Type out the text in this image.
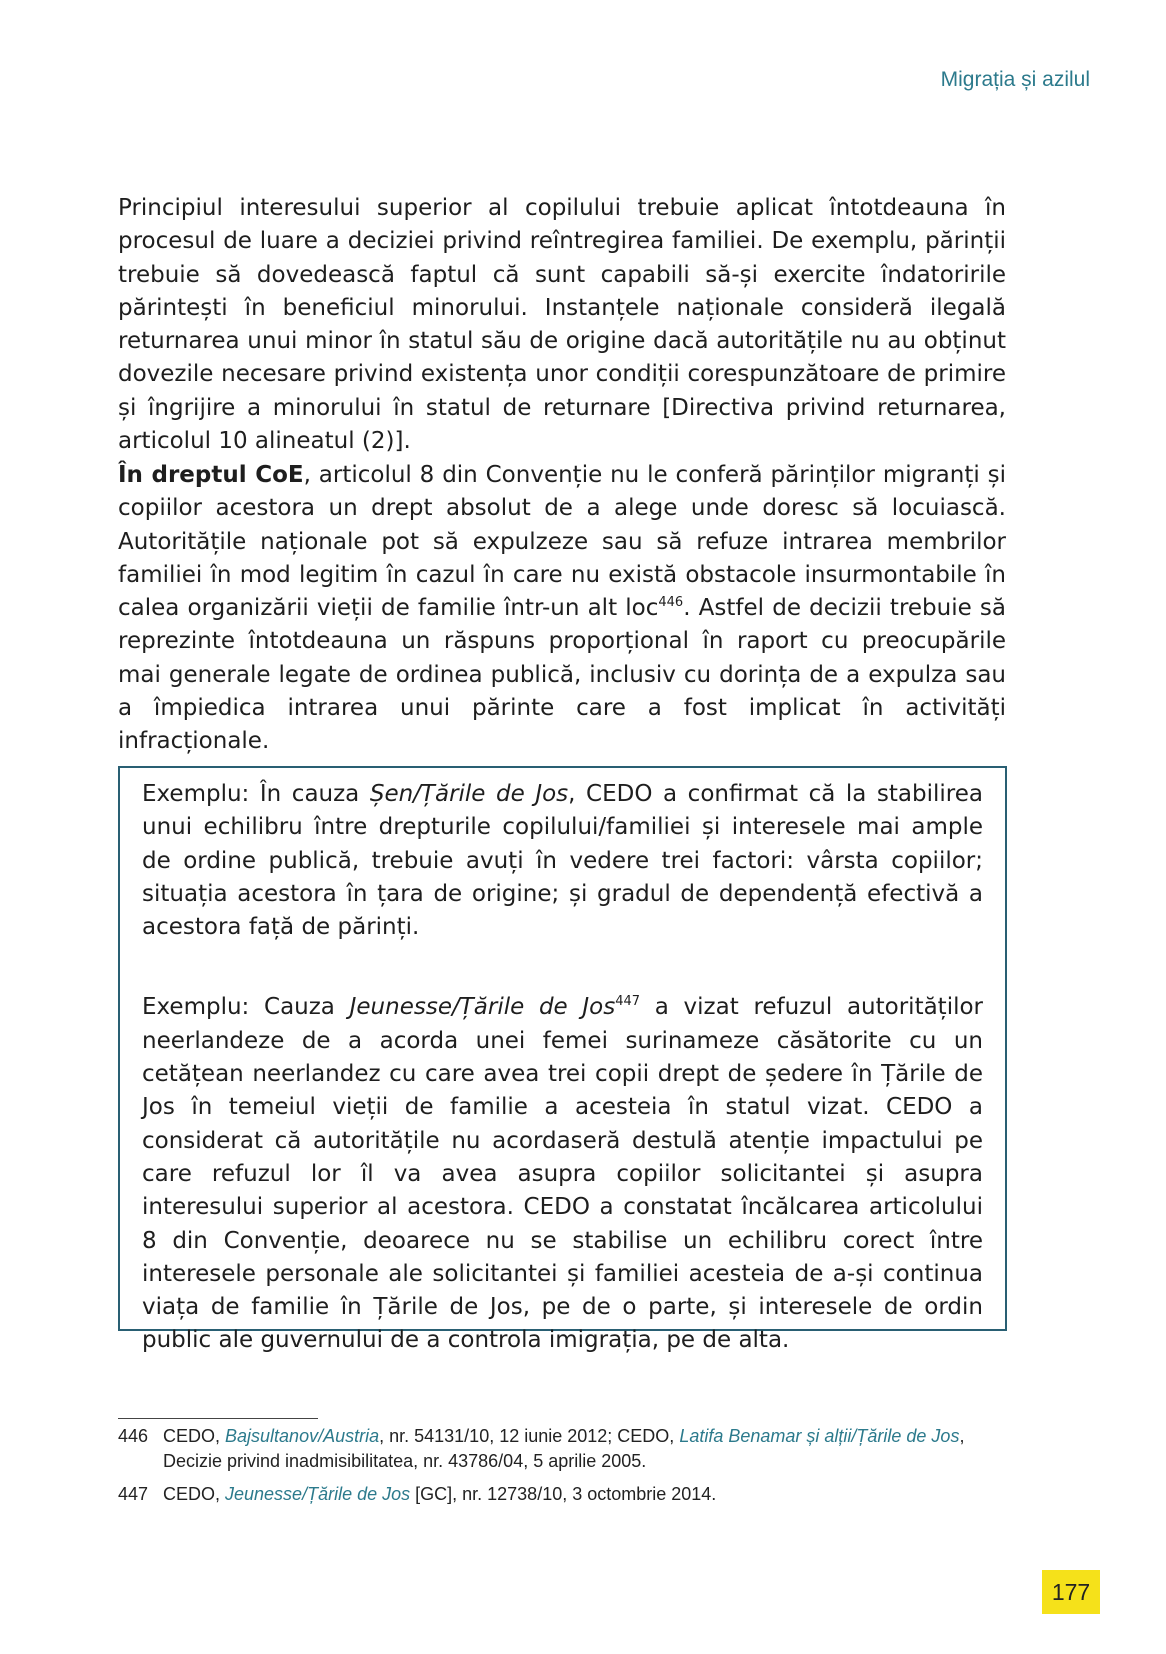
Migrația și azilul

Principiul interesului superior al copilului trebuie aplicat întotdeauna în procesul de luare a deciziei privind reîntregirea familiei. De exemplu, părinții trebuie să dovedească faptul că sunt capabili să-și exercite îndatoririle părintești în beneficiul minorului. Instanțele naționale consideră ilegală returnarea unui minor în statul său de origine dacă autoritățile nu au obținut dovezile necesare privind existența unor condiții corespunzătoare de primire și îngrijire a minorului în statul de returnare [Directiva privind returnarea, articolul 10 alineatul (2)].

În dreptul CoE, articolul 8 din Convenție nu le conferă părinților migranți și copiilor acestora un drept absolut de a alege unde doresc să locuiască. Autoritățile naționale pot să expulzeze sau să refuze intrarea membrilor familiei în mod legitim în cazul în care nu există obstacole insurmontabile în calea organizării vieții de familie într-un alt loc$^{446}$. Astfel de decizii trebuie să reprezinte întotdeauna un răspuns proporțional în raport cu preocupările mai generale legate de ordinea publică, inclusiv cu dorința de a expulza sau a împiedica intrarea unui părinte care a fost implicat în activități infracționale.

Exemplu: În cauza Șen/Țările de Jos, CEDO a confirmat că la stabilirea unui echilibru între drepturile copilului/familiei și interesele mai ample de ordine publică, trebuie avuți în vedere trei factori: vârsta copiilor; situația acestora în țara de origine; și gradul de dependență efectivă a acestora față de părinți.

Exemplu: Cauza Jeunesse/Țările de Jos$^{447}$ a vizat refuzul autorităților neerlandeze de a acorda unei femei surinameze căsătorite cu un cetățean neerlandez cu care avea trei copii drept de ședere în Țările de Jos în temeiul vieții de familie a acesteia în statul vizat. CEDO a considerat că autoritățile nu acordaseră destulă atenție impactului pe care refuzul lor îl va avea asupra copiilor solicitantei și asupra interesului superior al acestora. CEDO a constatat încălcarea articolului 8 din Convenție, deoarece nu se stabilise un echilibru corect între interesele personale ale solicitantei și familiei acesteia de a-și continua viața de familie în Țările de Jos, pe de o parte, și interesele de ordin public ale guvernului de a controla imigrația, pe de alta.

446 CEDO, Bajsultanov/Austria, nr. 54131/10, 12 iunie 2012; CEDO, Latifa Benamar și alții/Țările de Jos, Decizie privind inadmisibilitatea, nr. 43786/04, 5 aprilie 2005.
447 CEDO, Jeunesse/Țările de Jos [GC], nr. 12738/10, 3 octombrie 2014.
177
